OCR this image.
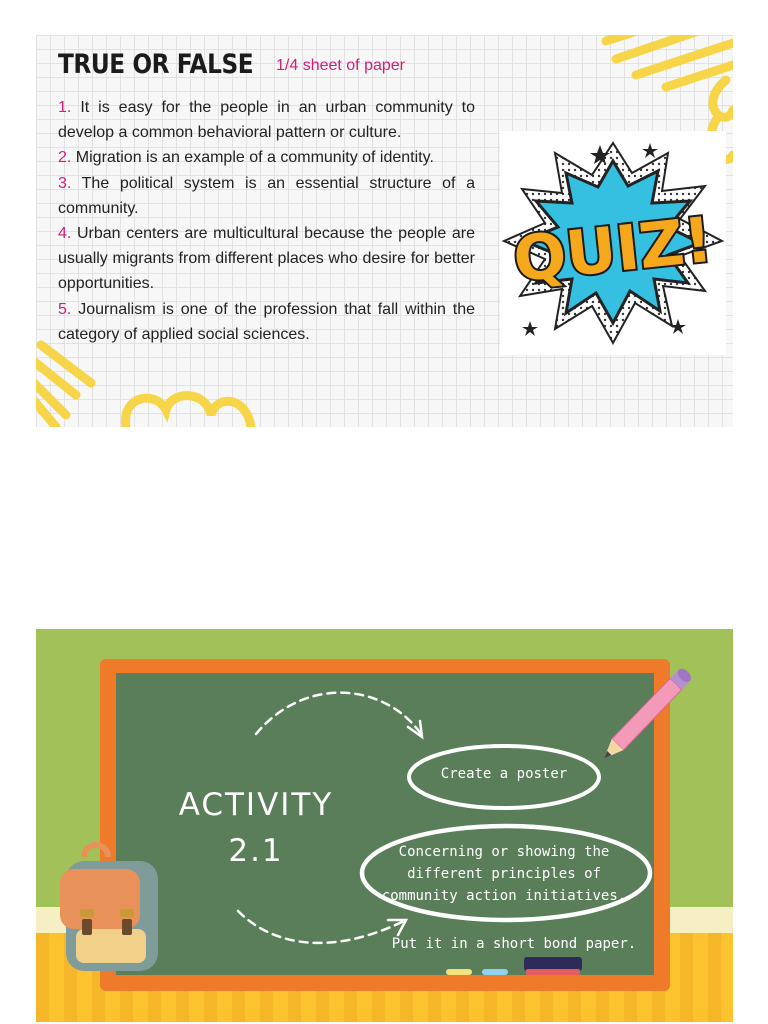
TRUE OR FALSE 1/4 sheet of paper

1. It is easy for the people in an urban community to develop a common behavioral pattern or culture.

2. Migration is an example of a community of identity.

3. The political system is an essential structure of a community.

4. Urban centers are multicultural because the people are usually migrants from different places who desire for better opportunities.

5. Journalism is one of the profession that fall within the category of applied social sciences.

QUIZ!
ACTIVITY
2.1
Create a poster
Concerning or showing the
different principles of
community action initiatives.
Put it in a short bond paper.
